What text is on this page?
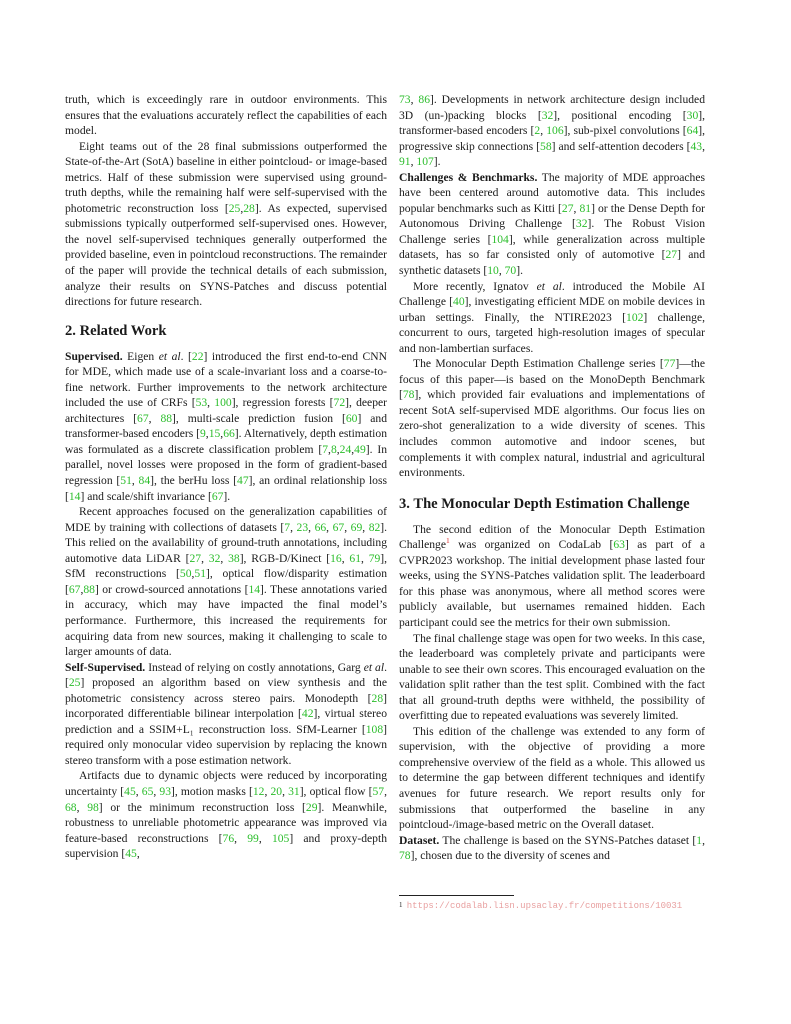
truth, which is exceedingly rare in outdoor environments. This ensures that the evaluations accurately reflect the capabilities of each model.

Eight teams out of the 28 final submissions outperformed the State-of-the-Art (SotA) baseline in either pointcloud- or image-based metrics. Half of these submission were supervised using ground-truth depths, while the remaining half were self-supervised with the photometric reconstruction loss [25,28]. As expected, supervised submissions typically outperformed self-supervised ones. However, the novel self-supervised techniques generally outperformed the provided baseline, even in pointcloud reconstructions. The remainder of the paper will provide the technical details of each submission, analyze their results on SYNS-Patches and discuss potential directions for future research.

2. Related Work

Supervised. Eigen et al. [22] introduced the first end-to-end CNN for MDE, which made use of a scale-invariant loss and a coarse-to-fine network. Further improvements to the network architecture included the use of CRFs [53, 100], regression forests [72], deeper architectures [67, 88], multi-scale prediction fusion [60] and transformer-based encoders [9,15,66]. Alternatively, depth estimation was formulated as a discrete classification problem [7,8,24,49]. In parallel, novel losses were proposed in the form of gradient-based regression [51, 84], the berHu loss [47], an ordinal relationship loss [14] and scale/shift invariance [67].

Recent approaches focused on the generalization capabilities of MDE by training with collections of datasets [7, 23, 66, 67, 69, 82]. This relied on the availability of ground-truth annotations, including automotive data LiDAR [27, 32, 38], RGB-D/Kinect [16, 61, 79], SfM reconstructions [50,51], optical flow/disparity estimation [67,88] or crowd-sourced annotations [14]. These annotations varied in accuracy, which may have impacted the final model’s performance. Furthermore, this increased the requirements for acquiring data from new sources, making it challenging to scale to larger amounts of data.

Self-Supervised. Instead of relying on costly annotations, Garg et al. [25] proposed an algorithm based on view synthesis and the photometric consistency across stereo pairs. Monodepth [28] incorporated differentiable bilinear interpolation [42], virtual stereo prediction and a SSIM+L₁ reconstruction loss. SfM-Learner [108] required only monocular video supervision by replacing the known stereo transform with a pose estimation network.

Artifacts due to dynamic objects were reduced by incorporating uncertainty [45, 65, 93], motion masks [12, 20, 31], optical flow [57, 68, 98] or the minimum reconstruction loss [29]. Meanwhile, robustness to unreliable photometric appearance was improved via feature-based reconstructions [76, 99, 105] and proxy-depth supervision [45,

73, 86]. Developments in network architecture design included 3D (un-)packing blocks [32], positional encoding [30], transformer-based encoders [2, 106], sub-pixel convolutions [64], progressive skip connections [58] and self-attention decoders [43, 91, 107].

Challenges & Benchmarks. The majority of MDE approaches have been centered around automotive data. This includes popular benchmarks such as Kitti [27, 81] or the Dense Depth for Autonomous Driving Challenge [32]. The Robust Vision Challenge series [104], while generalization across multiple datasets, has so far consisted only of automotive [27] and synthetic datasets [10, 70].

More recently, Ignatov et al. introduced the Mobile AI Challenge [40], investigating efficient MDE on mobile devices in urban settings. Finally, the NTIRE2023 [102] challenge, concurrent to ours, targeted high-resolution images of specular and non-lambertian surfaces.

The Monocular Depth Estimation Challenge series [77]—the focus of this paper—is based on the MonoDepth Benchmark [78], which provided fair evaluations and implementations of recent SotA self-supervised MDE algorithms. Our focus lies on zero-shot generalization to a wide diversity of scenes. This includes common automotive and indoor scenes, but complements it with complex natural, industrial and agricultural environments.

3. The Monocular Depth Estimation Challenge

The second edition of the Monocular Depth Estimation Challenge$^1$ was organized on CodaLab [63] as part of a CVPR2023 workshop. The initial development phase lasted four weeks, using the SYNS-Patches validation split. The leaderboard for this phase was anonymous, where all method scores were publicly available, but usernames remained hidden. Each participant could see the metrics for their own submission.

The final challenge stage was open for two weeks. In this case, the leaderboard was completely private and participants were unable to see their own scores. This encouraged evaluation on the validation split rather than the test split. Combined with the fact that all ground-truth depths were withheld, the possibility of overfitting due to repeated evaluations was severely limited.

This edition of the challenge was extended to any form of supervision, with the objective of providing a more comprehensive overview of the field as a whole. This allowed us to determine the gap between different techniques and identify avenues for future research. We report results only for submissions that outperformed the baseline in any pointcloud-/image-based metric on the Overall dataset.

Dataset. The challenge is based on the SYNS-Patches dataset [1, 78], chosen due to the diversity of scenes and

$^1$ https://codalab.lisn.upsaclay.fr/competitions/10031
